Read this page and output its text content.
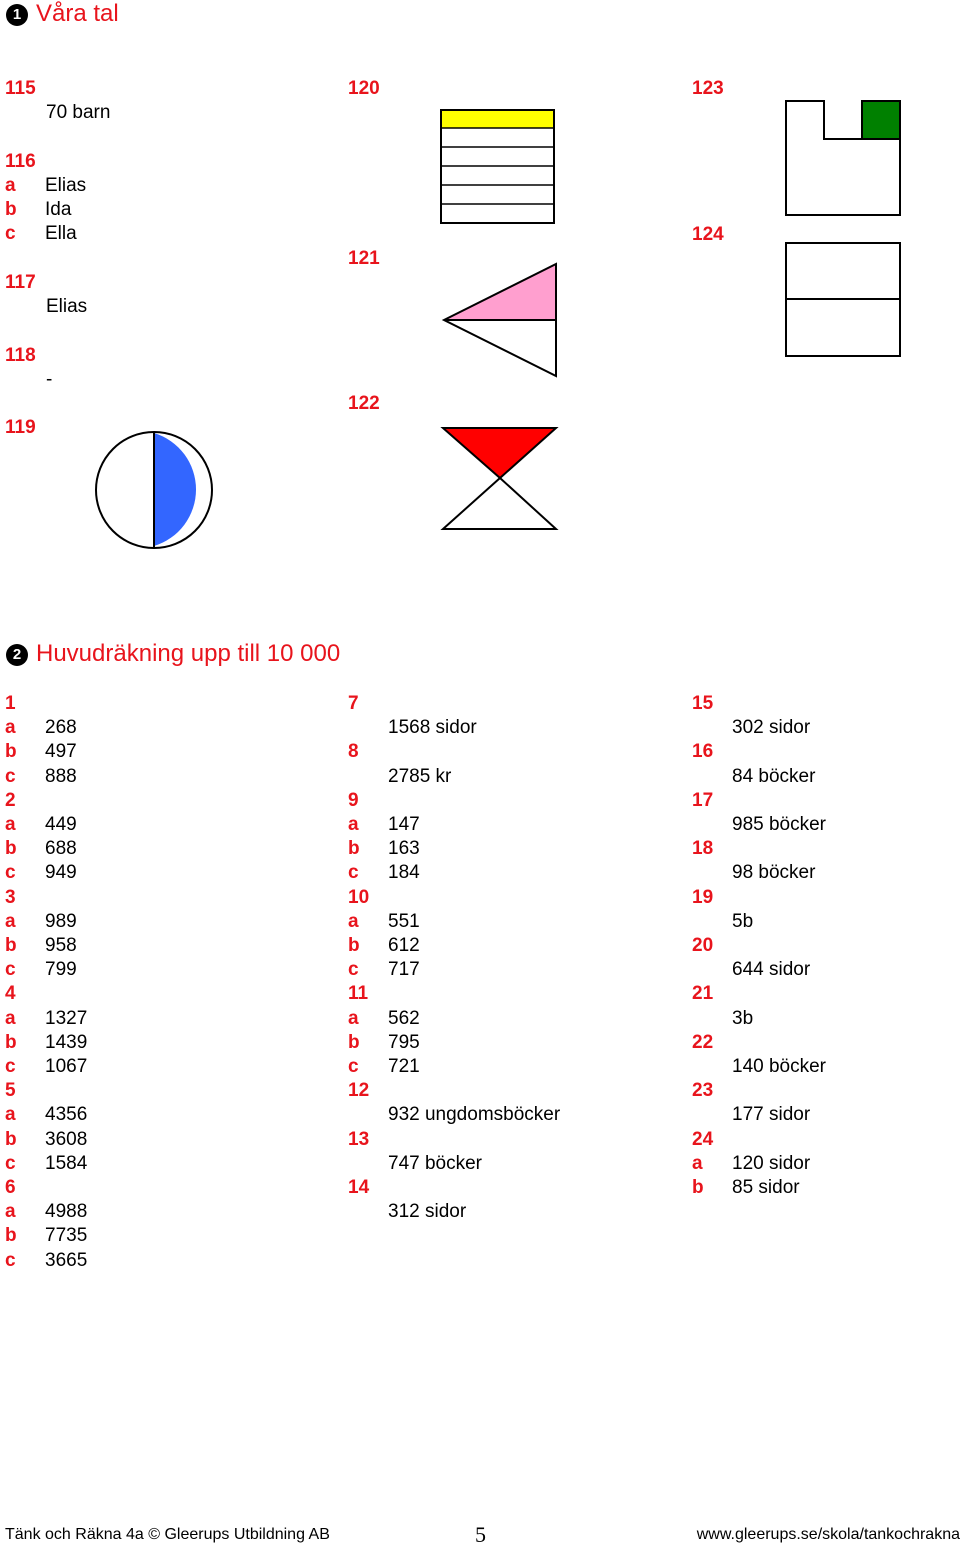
1 Våra tal
115
70 barn
116
a Elias
b Ida
c Ella
117
Elias
118
-
119
120
121
122
123
124
2 Huvudräkning upp till 10 000
1
a 268
b 497
c 888
2
a 449
b 688
c 949
3
a 989
b 958
c 799
4
a 1327
b 1439
c 1067
5
a 4356
b 3608
c 1584
6
a 4988
b 7735
c 3665
7
1568 sidor
8
2785 kr
9
a 147
b 163
c 184
10
a 551
b 612
c 717
11
a 562
b 795
c 721
12
932 ungdomsböcker
13
747 böcker
14
312 sidor
15
302 sidor
16
84 böcker
17
985 böcker
18
98 böcker
19
5b
20
644 sidor
21
3b
22
140 böcker
23
177 sidor
24
a 120 sidor
b 85 sidor
Tänk och Räkna 4a © Gleerups Utbildning AB	5	www.gleerups.se/skola/tankochrakna
